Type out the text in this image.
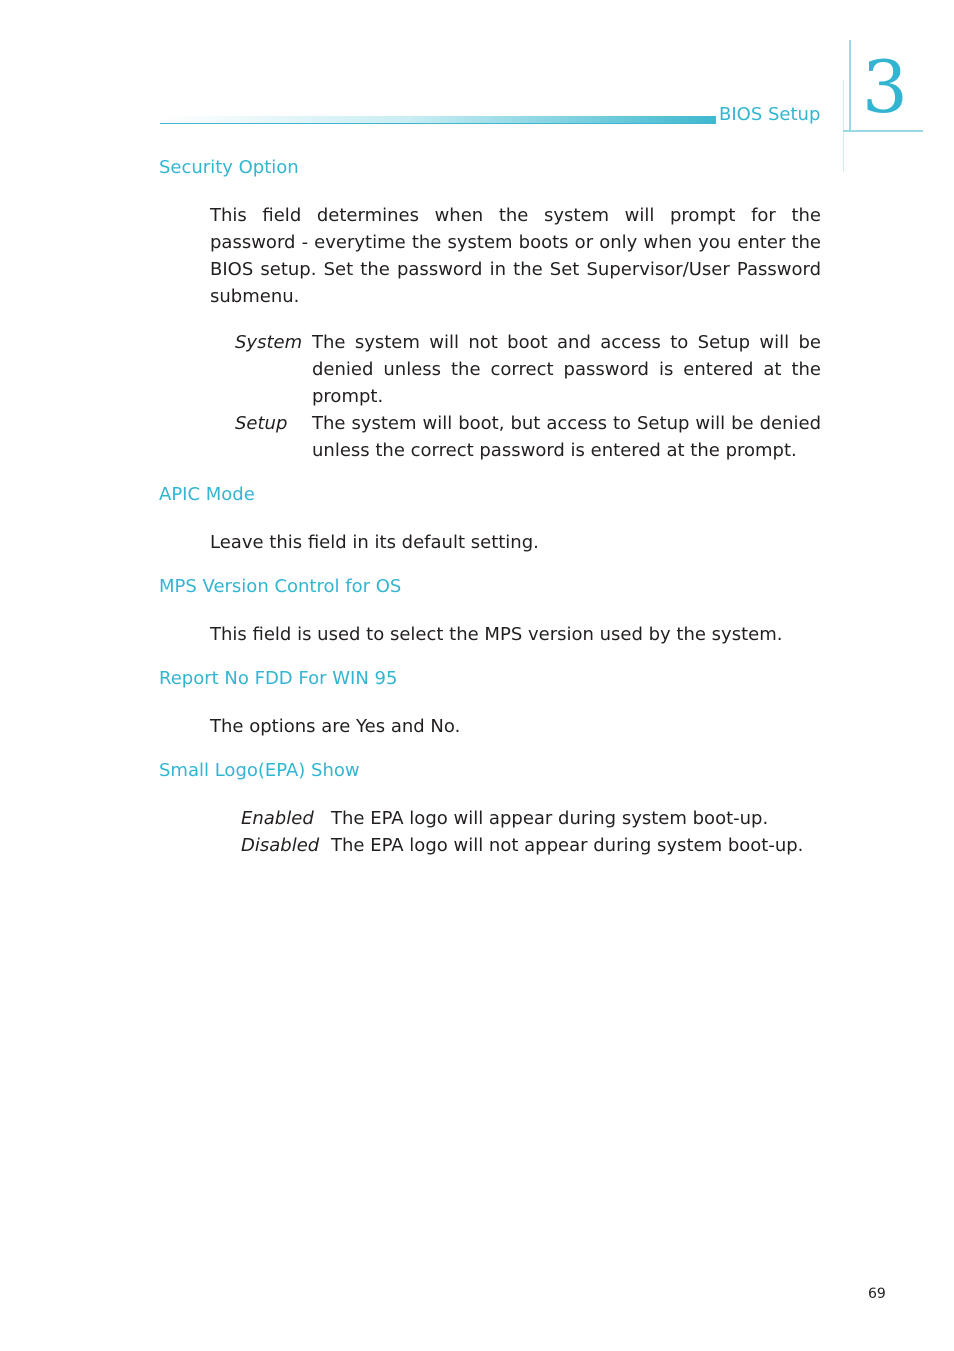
BIOS Setup 3
Security Option

This field determines when the system will prompt for the password - everytime the system boots or only when you enter the BIOS setup. Set the password in the Set Supervisor/User Password submenu.

System The system will not boot and access to Setup will be denied unless the correct password is entered at the prompt.

Setup The system will boot, but access to Setup will be denied unless the correct password is entered at the prompt.

APIC Mode
Leave this field in its default setting.
MPS Version Control for OS
This field is used to select the MPS version used by the system.
Report No FDD For WIN 95
The options are Yes and No.
Small Logo(EPA) Show
Enabled The EPA logo will appear during system boot-up.

Disabled The EPA logo will not appear during system boot-up.

69
